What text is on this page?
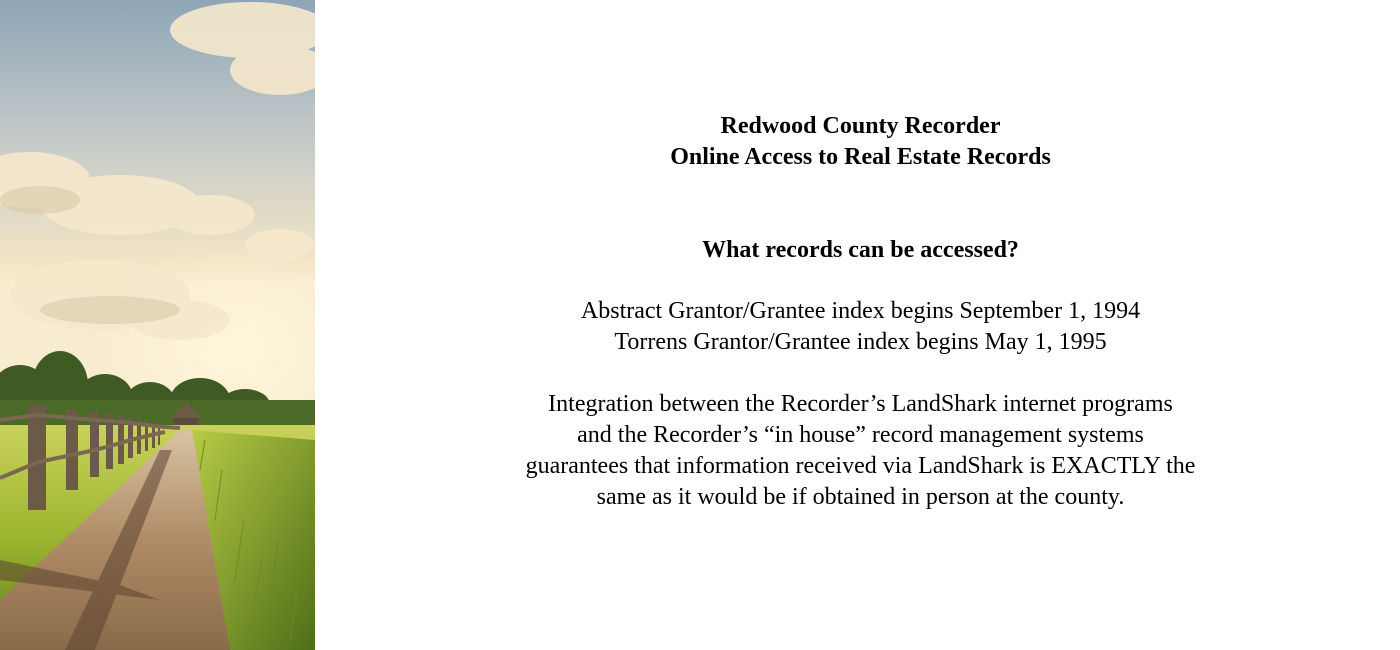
Redwood County Recorder
Online Access to Real Estate Records
What records can be accessed?
Abstract Grantor/Grantee index begins September 1, 1994
Torrens Grantor/Grantee index begins May 1, 1995
Integration between the Recorder’s LandShark internet programs
and the Recorder’s “in house” record management systems
guarantees that information received via LandShark is EXACTLY the
same as it would be if obtained in person at the county.
